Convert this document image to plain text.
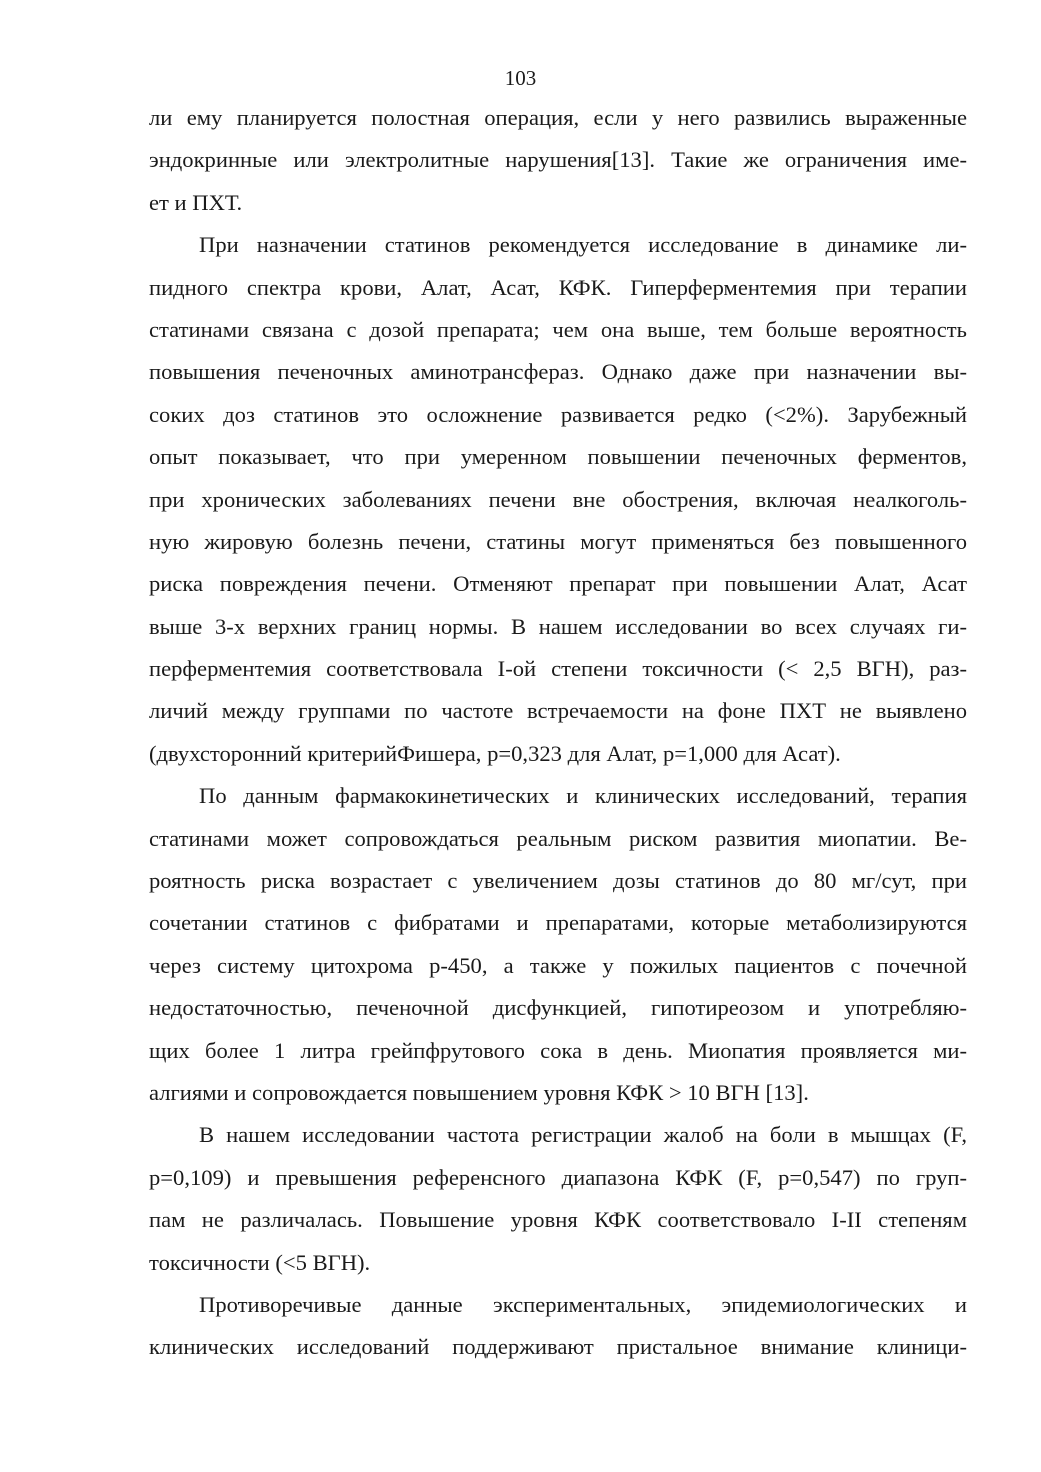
103
ли ему планируется полостная операция, если у него развились выраженные
эндокринные или электролитные нарушения[13]. Такие же ограничения име-
ет и ПХТ.
При назначении статинов рекомендуется исследование в динамике ли-
пидного спектра крови, Алат, Асат, КФК. Гиперферментемия при терапии
статинами связана с дозой препарата; чем она выше, тем больше вероятность
повышения печеночных аминотрансфераз. Однако даже при назначении вы-
соких доз статинов это осложнение развивается редко (<2%). Зарубежный
опыт показывает, что при умеренном повышении печеночных ферментов,
при хронических заболеваниях печени вне обострения, включая неалкоголь-
ную жировую болезнь печени, статины могут применяться без повышенного
риска повреждения печени. Отменяют препарат при повышении Алат, Асат
выше 3-х верхних границ нормы. В нашем исследовании во всех случаях ги-
перферментемия соответствовала I-ой степени токсичности (< 2,5 ВГН), раз-
личий между группами по частоте встречаемости на фоне ПХТ не выявлено
(двухсторонний критерийФишера, p=0,323 для Алат, p=1,000 для Асат).
По данным фармакокинетических и клинических исследований, терапия
статинами может сопровождаться реальным риском развития миопатии. Ве-
роятность риска возрастает с увеличением дозы статинов до 80 мг/сут, при
сочетании статинов с фибратами и препаратами, которые метаболизируются
через систему цитохрома р-450, а также у пожилых пациентов с почечной
недостаточностью, печеночной дисфункцией, гипотиреозом и употребляю-
щих более 1 литра грейпфрутового сока в день. Миопатия проявляется ми-
алгиями и сопровождается повышением уровня КФК > 10 ВГН [13].
В нашем исследовании частота регистрации жалоб на боли в мышцах (F,
p=0,109) и превышения референсного диапазона КФК (F, p=0,547) по груп-
пам не различалась. Повышение уровня КФК соответствовало I-II степеням
токсичности (<5 ВГН).
Противоречивые данные экспериментальных, эпидемиологических и
клинических исследований поддерживают пристальное внимание клиници-
